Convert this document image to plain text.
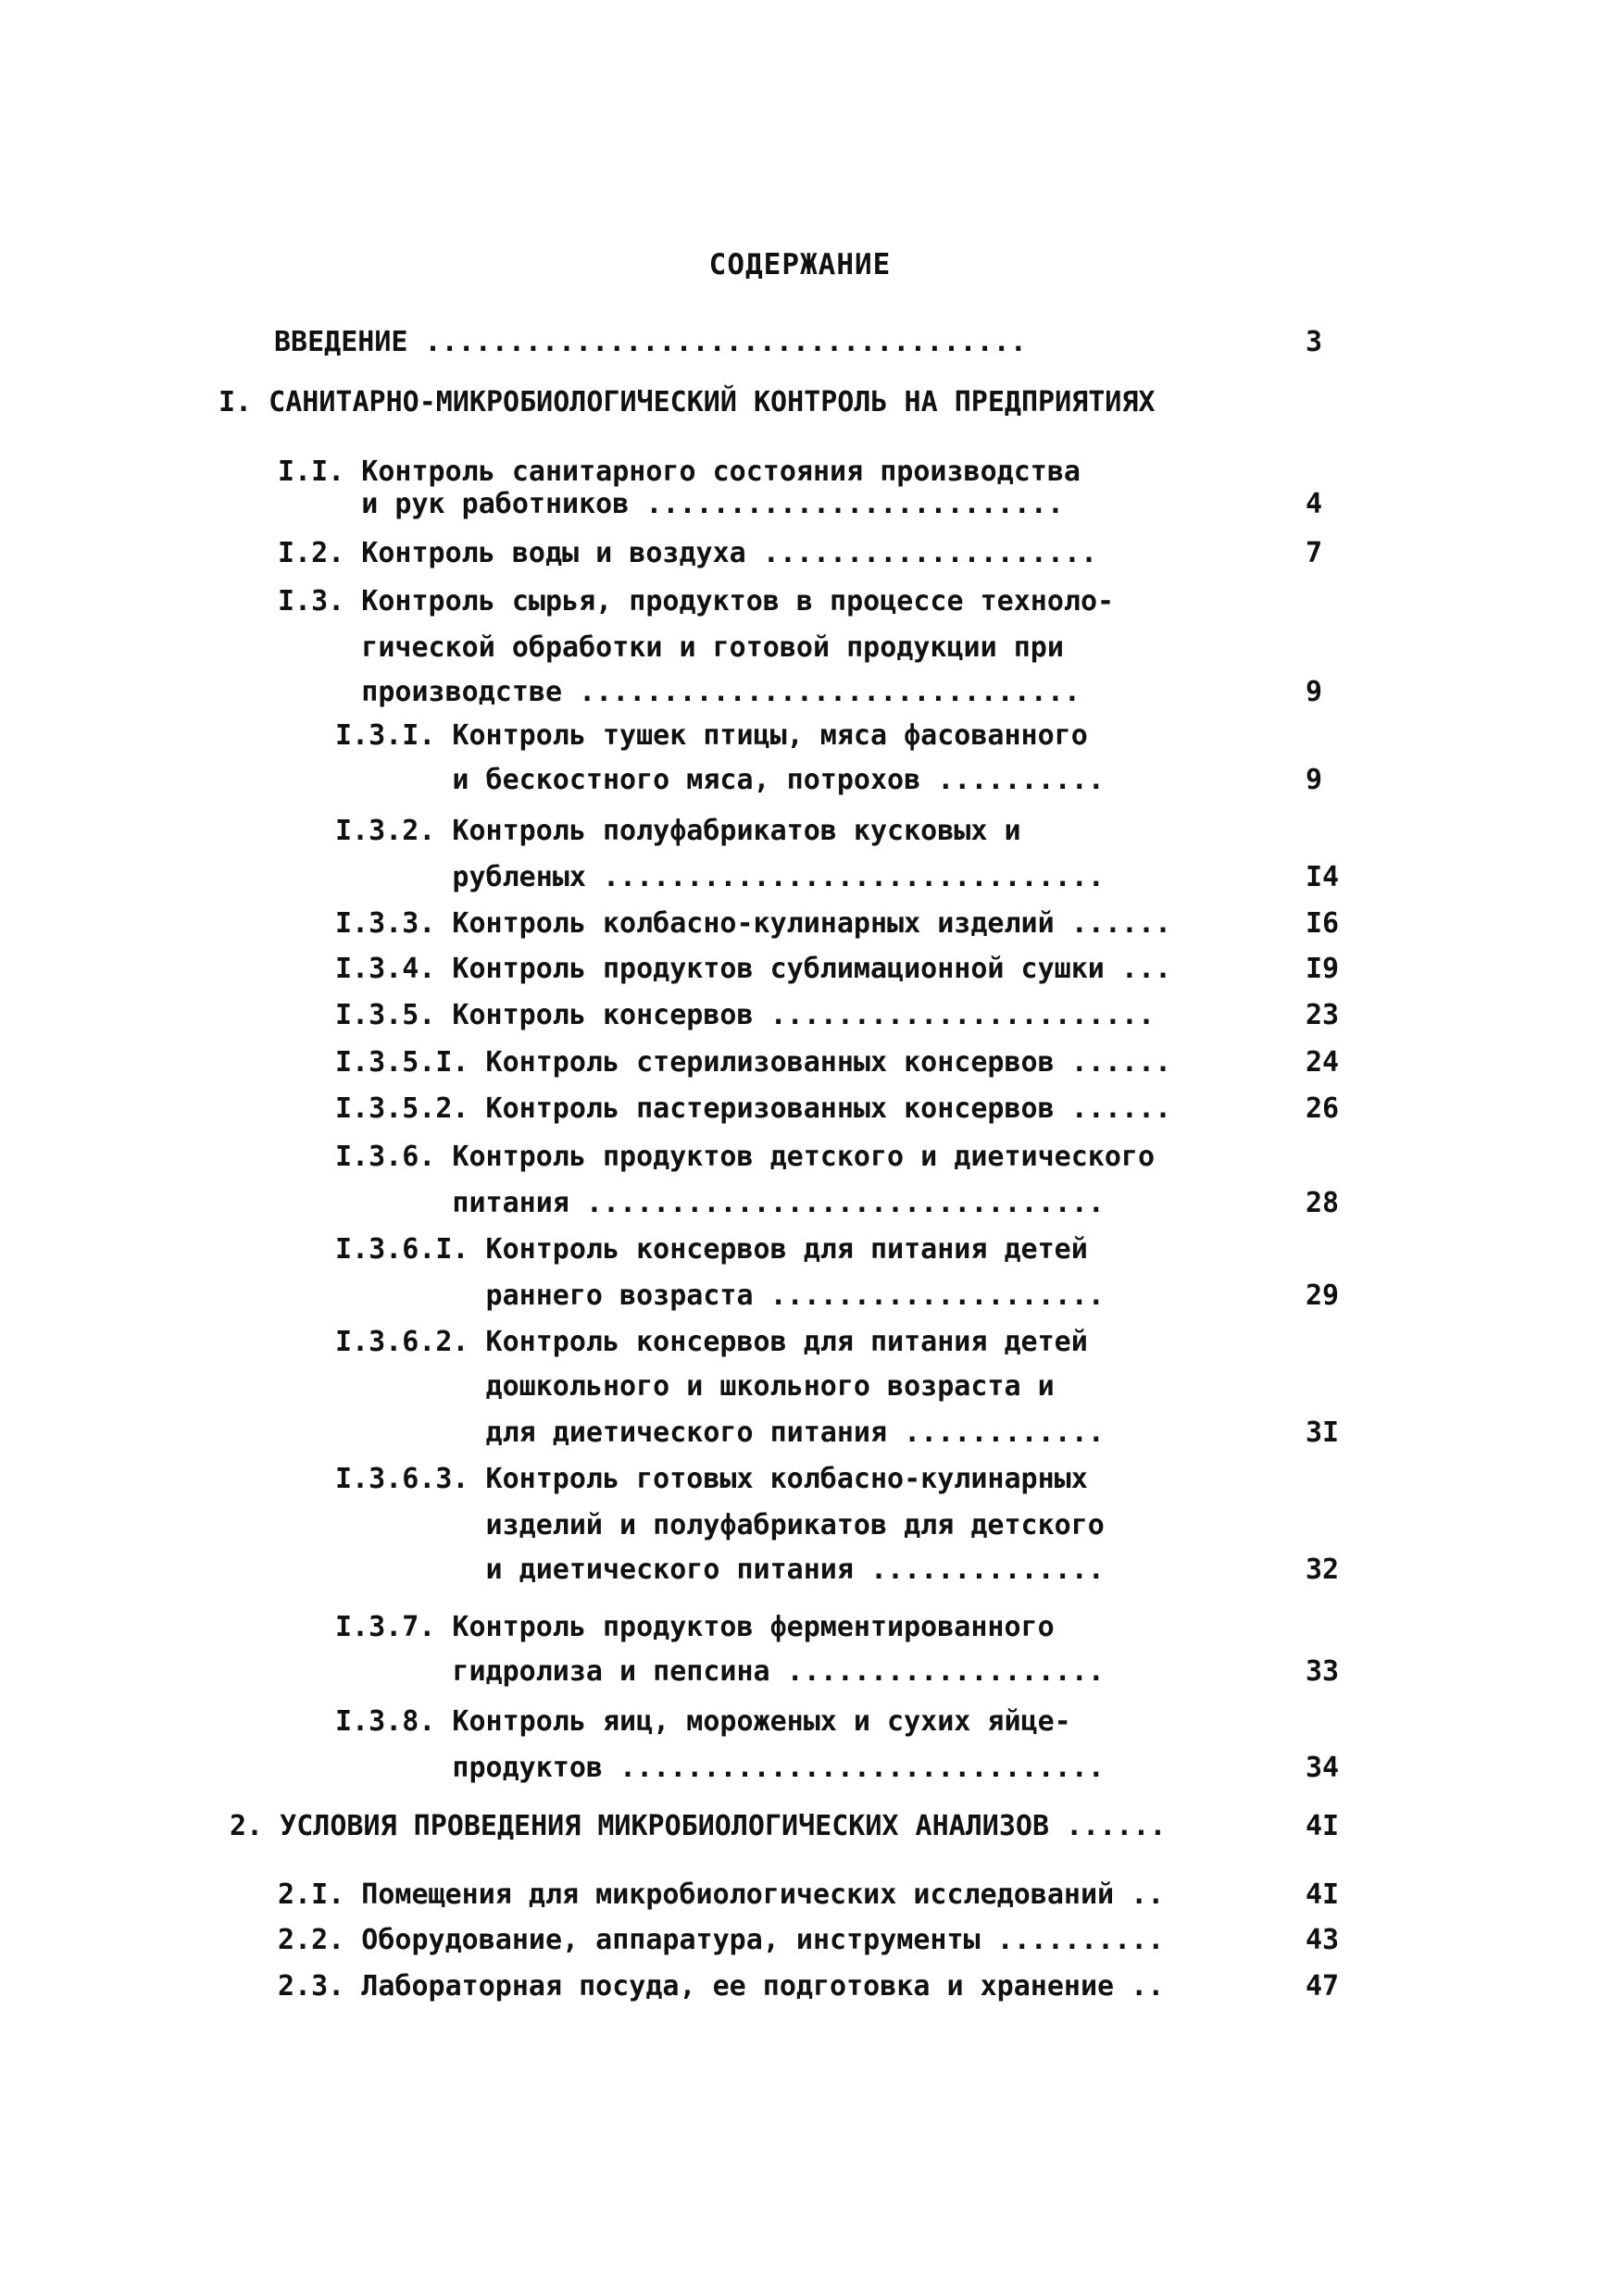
СОДЕРЖАНИЕ
ВВЕДЕНИЕ ....................................	3
I. САНИТАРНО-МИКРОБИОЛОГИЧЕСКИЙ КОНТРОЛЬ НА ПРЕДПРИЯТИЯХ
I.I. Контроль санитарного состояния производства
и рук работников .........................	4
I.2. Контроль воды и воздуха ....................	7
I.3. Контроль сырья, продуктов в процессе техноло-
гической обработки и готовой продукции при
производстве ..............................	9
I.3.I. Контроль тушек птицы, мяса фасованного
и бескостного мяса, потрохов ..........	9
I.3.2. Контроль полуфабрикатов кусковых и
рубленых ..............................	I4
I.3.3. Контроль колбасно-кулинарных изделий ......	I6
I.3.4. Контроль продуктов сублимационной сушки ...	I9
I.3.5. Контроль консервов .......................	23
I.3.5.I. Контроль стерилизованных консервов ......	24
I.3.5.2. Контроль пастеризованных консервов ......	26
I.3.6. Контроль продуктов детского и диетического
питания ...............................	28
I.3.6.I. Контроль консервов для питания детей
раннего возраста ....................	29
I.3.6.2. Контроль консервов для питания детей
дошкольного и школьного возраста и
для диетического питания ............	3I
I.3.6.3. Контроль готовых колбасно-кулинарных
изделий и полуфабрикатов для детского
и диетического питания ..............	32
I.3.7. Контроль продуктов ферментированного
гидролиза и пепсина ...................	33
I.3.8. Контроль яиц, мороженых и сухих яйце-
продуктов .............................	34
2. УСЛОВИЯ ПРОВЕДЕНИЯ МИКРОБИОЛОГИЧЕСКИХ АНАЛИЗОВ ......	4I
2.I. Помещения для микробиологических исследований ..	4I
2.2. Оборудование, аппаратура, инструменты ..........	43
2.3. Лабораторная посуда, ее подготовка и хранение ..	47
